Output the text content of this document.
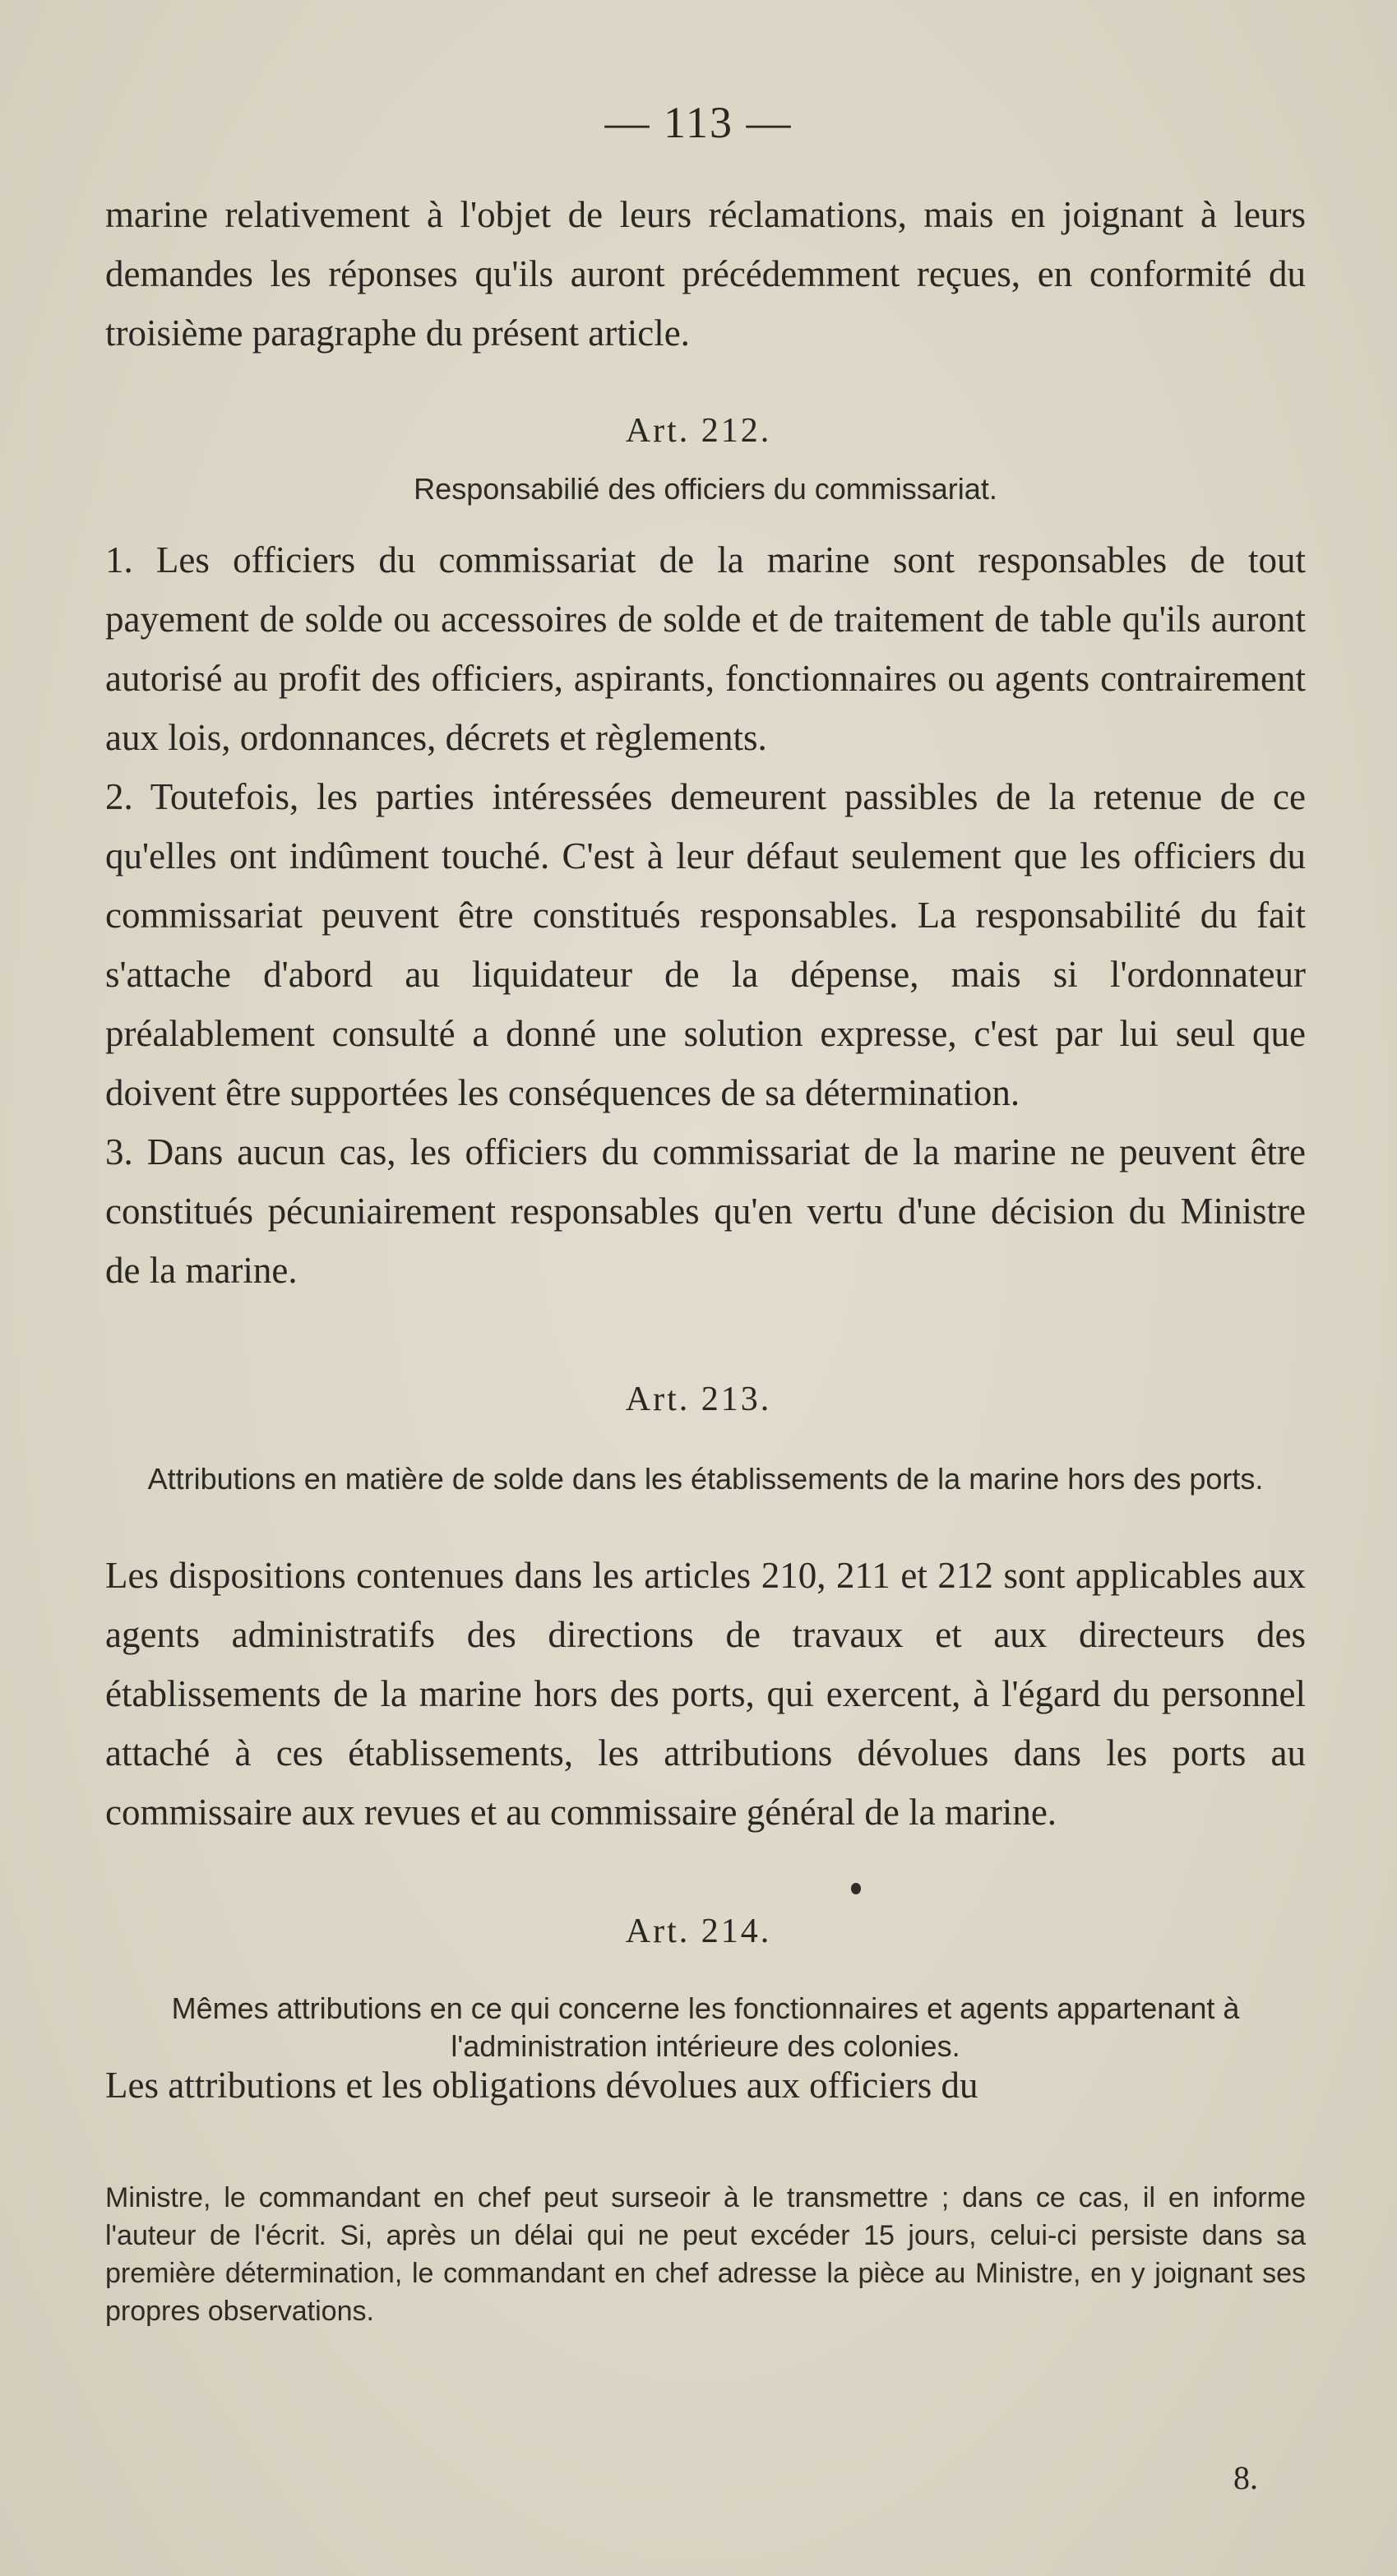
— 113 —

marine relativement à l'objet de leurs réclamations, mais en joignant à leurs demandes les réponses qu'ils auront précédemment reçues, en conformité du troisième paragraphe du présent article.

Art. 212.
Responsabilié des officiers du commissariat.

1. Les officiers du commissariat de la marine sont responsables de tout payement de solde ou accessoires de solde et de traitement de table qu'ils auront autorisé au profit des officiers, aspirants, fonctionnaires ou agents contrairement aux lois, ordonnances, décrets et règlements.

2. Toutefois, les parties intéressées demeurent passibles de la retenue de ce qu'elles ont indûment touché. C'est à leur défaut seulement que les officiers du commissariat peuvent être constitués responsables. La responsabilité du fait s'attache d'abord au liquidateur de la dépense, mais si l'ordonnateur préalablement consulté a donné une solution expresse, c'est par lui seul que doivent être supportées les conséquences de sa détermination.

3. Dans aucun cas, les officiers du commissariat de la marine ne peuvent être constitués pécuniairement responsables qu'en vertu d'une décision du Ministre de la marine.

Art. 213.
Attributions en matière de solde dans les établissements de la marine hors des ports.

Les dispositions contenues dans les articles 210, 211 et 212 sont applicables aux agents administratifs des directions de travaux et aux directeurs des établissements de la marine hors des ports, qui exercent, à l'égard du personnel attaché à ces établissements, les attributions dévolues dans les ports au commissaire aux revues et au commissaire général de la marine.

Art. 214.
Mêmes attributions en ce qui concerne les fonctionnaires et agents appartenant à l'administration intérieure des colonies.

Les attributions et les obligations dévolues aux officiers du

Ministre, le commandant en chef peut surseoir à le transmettre ; dans ce cas, il en informe l'auteur de l'écrit. Si, après un délai qui ne peut excéder 15 jours, celui-ci persiste dans sa première détermination, le commandant en chef adresse la pièce au Ministre, en y joignant ses propres observations.

8.
